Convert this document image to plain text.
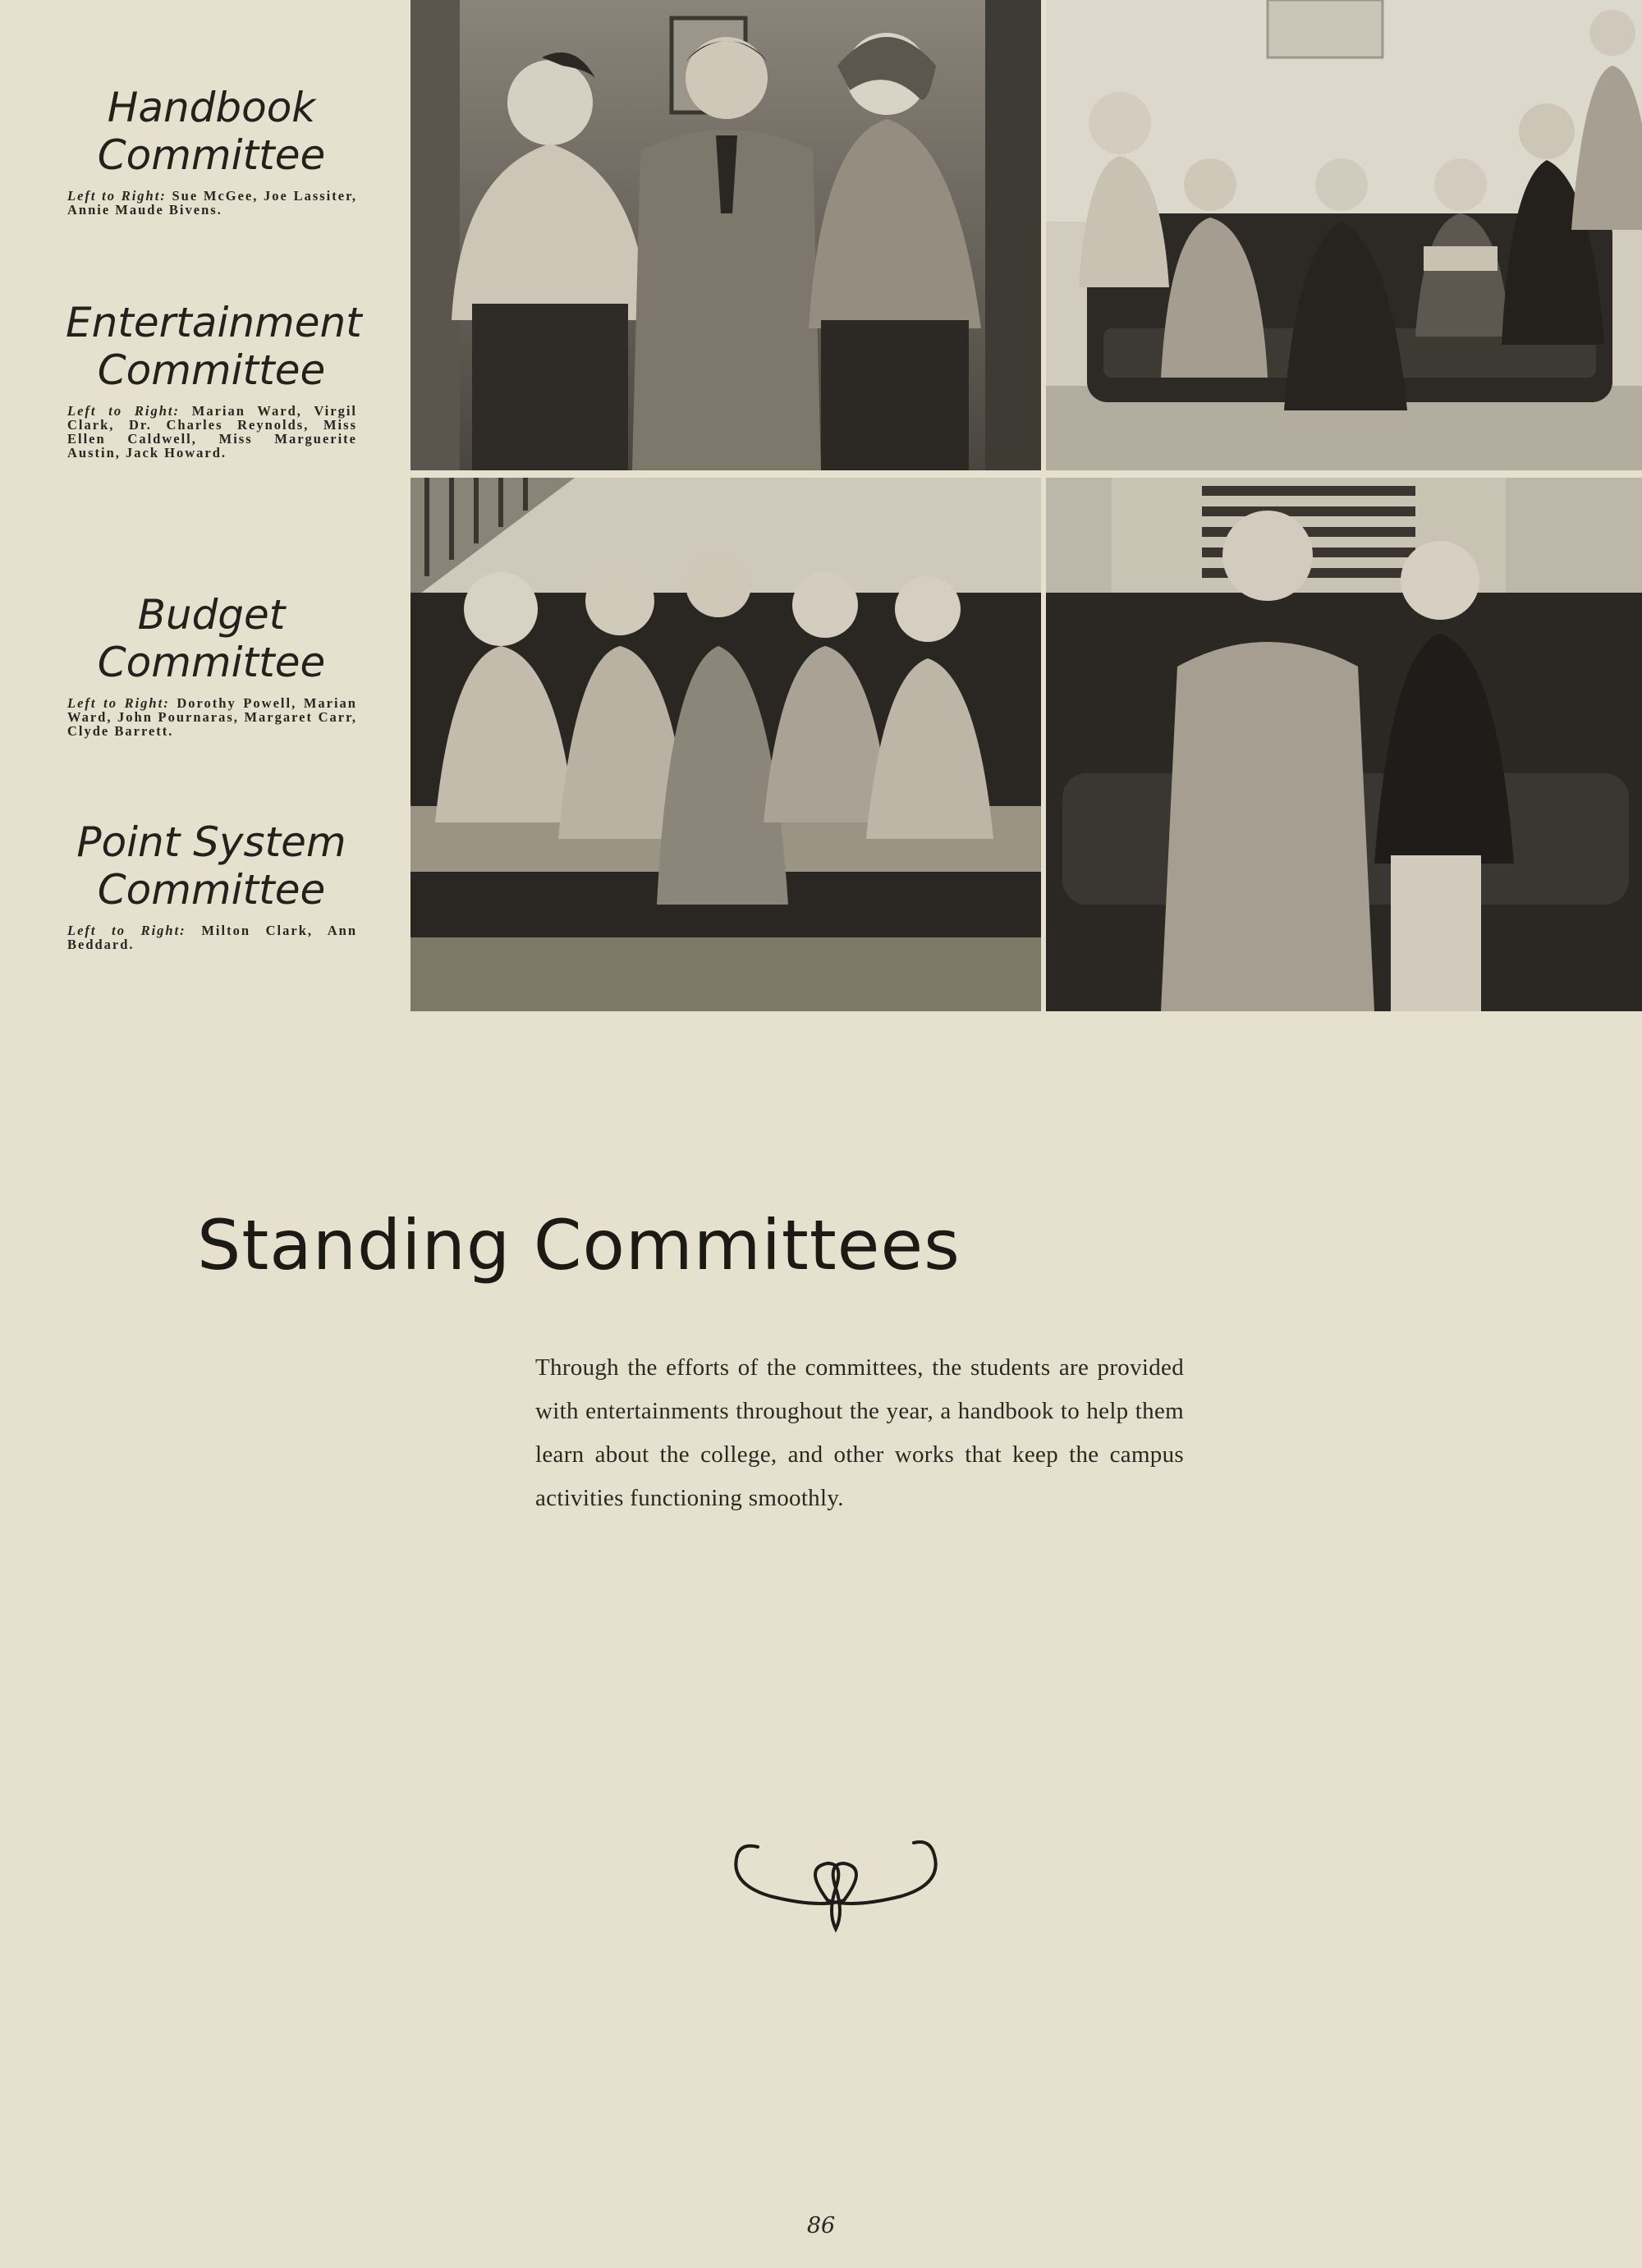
Handbook
Committee

Left to Right: Sue McGee, Joe Lassiter, Annie Maude Bivens.

Entertainment
Committee

Left to Right: Marian Ward, Virgil Clark, Dr. Charles Reynolds, Miss Ellen Caldwell, Miss Marguerite Austin, Jack Howard.

Budget
Committee

Left to Right: Dorothy Powell, Marian Ward, John Pournaras, Margaret Carr, Clyde Barrett.

Point System
Committee

Left to Right: Milton Clark, Ann Beddard.

Standing Committees

Through the efforts of the committees, the students are provided with entertainments throughout the year, a handbook to help them learn about the college, and other works that keep the campus activities functioning smoothly.

86
